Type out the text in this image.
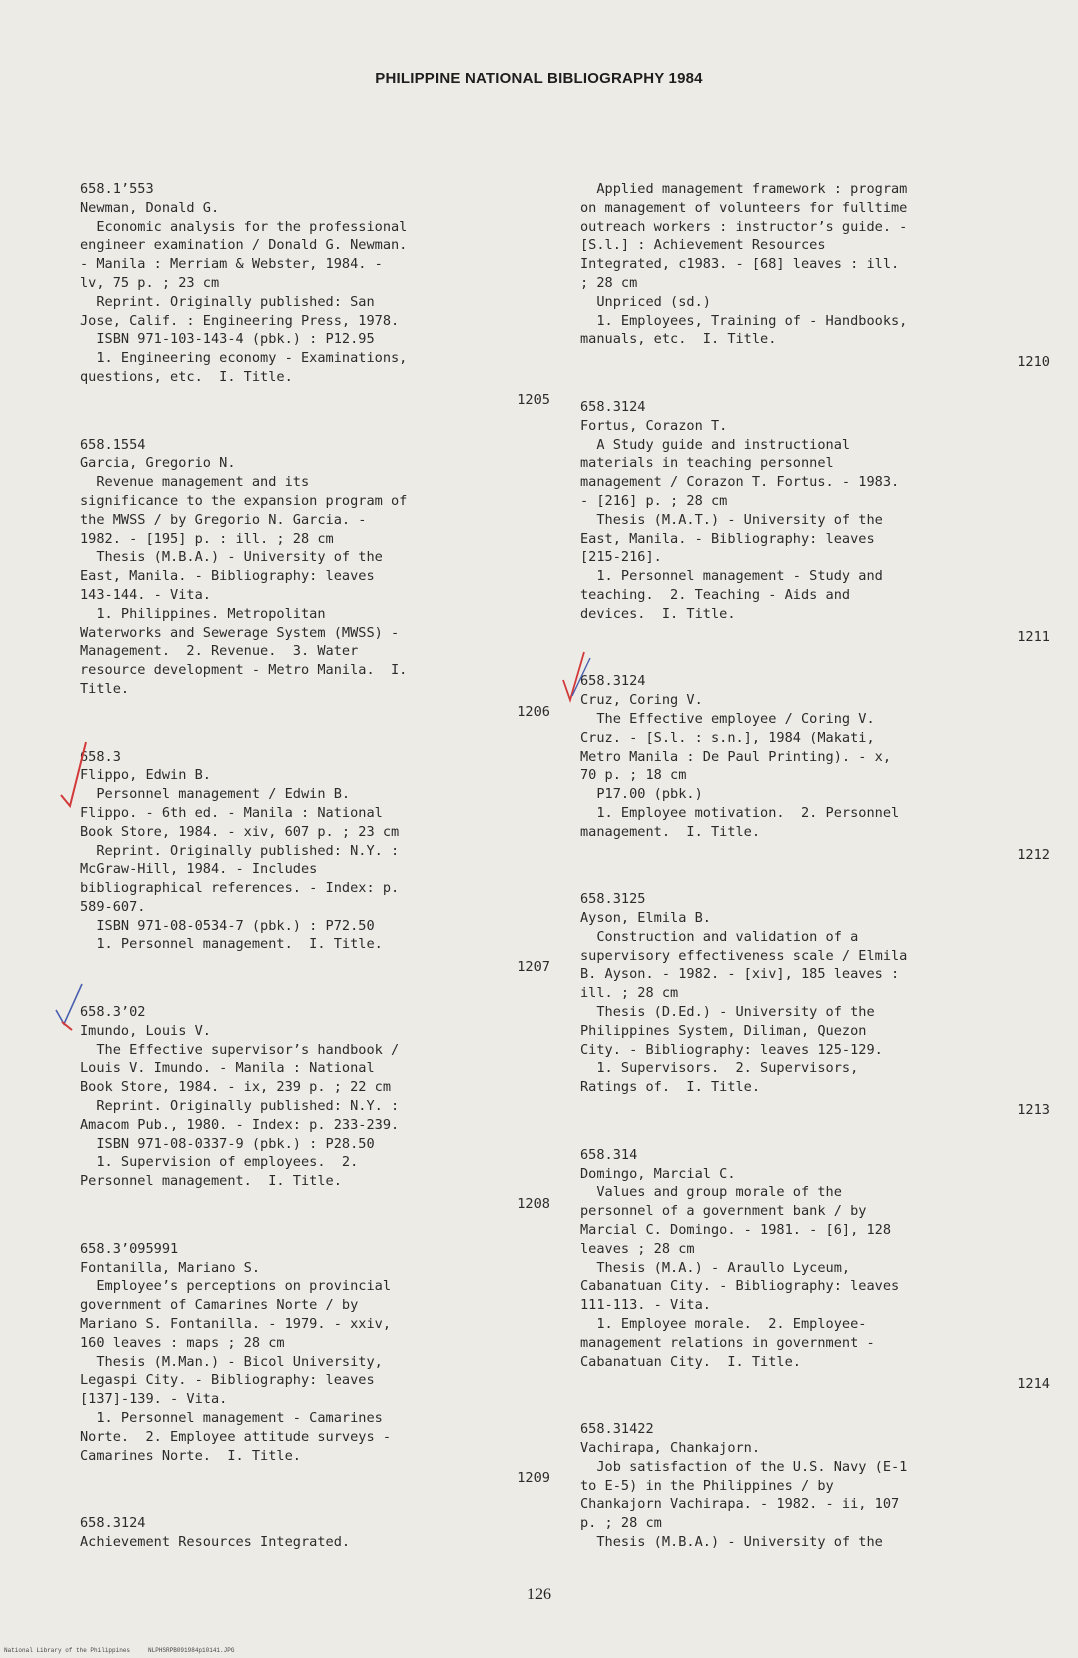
PHILIPPINE NATIONAL BIBLIOGRAPHY 1984
658.1’553
Newman, Donald G.
Economic analysis for the professional
engineer examination / Donald G. Newman.
- Manila : Merriam & Webster, 1984. -
lv, 75 p. ; 23 cm
Reprint. Originally published: San
Jose, Calif. : Engineering Press, 1978.
ISBN 971-103-143-4 (pbk.) : P12.95
1. Engineering economy - Examinations,
questions, etc.  I. Title.
1205
658.1554
Garcia, Gregorio N.
Revenue management and its
significance to the expansion program of
the MWSS / by Gregorio N. Garcia. -
1982. - [195] p. : ill. ; 28 cm
Thesis (M.B.A.) - University of the
East, Manila. - Bibliography: leaves
143-144. - Vita.
1. Philippines. Metropolitan
Waterworks and Sewerage System (MWSS) -
Management.  2. Revenue.  3. Water
resource development - Metro Manila.  I.
Title.
1206
658.3
Flippo, Edwin B.
Personnel management / Edwin B.
Flippo. - 6th ed. - Manila : National
Book Store, 1984. - xiv, 607 p. ; 23 cm
Reprint. Originally published: N.Y. :
McGraw-Hill, 1984. - Includes
bibliographical references. - Index: p.
589-607.
ISBN 971-08-0534-7 (pbk.) : P72.50
1. Personnel management.  I. Title.
1207
658.3’02
Imundo, Louis V.
The Effective supervisor’s handbook /
Louis V. Imundo. - Manila : National
Book Store, 1984. - ix, 239 p. ; 22 cm
Reprint. Originally published: N.Y. :
Amacom Pub., 1980. - Index: p. 233-239.
ISBN 971-08-0337-9 (pbk.) : P28.50
1. Supervision of employees.  2.
Personnel management.  I. Title.
1208
658.3’095991
Fontanilla, Mariano S.
Employee’s perceptions on provincial
government of Camarines Norte / by
Mariano S. Fontanilla. - 1979. - xxiv,
160 leaves : maps ; 28 cm
Thesis (M.Man.) - Bicol University,
Legaspi City. - Bibliography: leaves
[137]-139. - Vita.
1. Personnel management - Camarines
Norte.  2. Employee attitude surveys -
Camarines Norte.  I. Title.
1209
658.3124
Achievement Resources Integrated.
Applied management framework : program
on management of volunteers for fulltime
outreach workers : instructor’s guide. -
[S.l.] : Achievement Resources
Integrated, c1983. - [68] leaves : ill.
; 28 cm
Unpriced (sd.)
1. Employees, Training of - Handbooks,
manuals, etc.  I. Title.
1210
658.3124
Fortus, Corazon T.
A Study guide and instructional
materials in teaching personnel
management / Corazon T. Fortus. - 1983.
- [216] p. ; 28 cm
Thesis (M.A.T.) - University of the
East, Manila. - Bibliography: leaves
[215-216].
1. Personnel management - Study and
teaching.  2. Teaching - Aids and
devices.  I. Title.
1211
658.3124
Cruz, Coring V.
The Effective employee / Coring V.
Cruz. - [S.l. : s.n.], 1984 (Makati,
Metro Manila : De Paul Printing). - x,
70 p. ; 18 cm
P17.00 (pbk.)
1. Employee motivation.  2. Personnel
management.  I. Title.
1212
658.3125
Ayson, Elmila B.
Construction and validation of a
supervisory effectiveness scale / Elmila
B. Ayson. - 1982. - [xiv], 185 leaves :
ill. ; 28 cm
Thesis (D.Ed.) - University of the
Philippines System, Diliman, Quezon
City. - Bibliography: leaves 125-129.
1. Supervisors.  2. Supervisors,
Ratings of.  I. Title.
1213
658.314
Domingo, Marcial C.
Values and group morale of the
personnel of a government bank / by
Marcial C. Domingo. - 1981. - [6], 128
leaves ; 28 cm
Thesis (M.A.) - Araullo Lyceum,
Cabanatuan City. - Bibliography: leaves
111-113. - Vita.
1. Employee morale.  2. Employee-
management relations in government -
Cabanatuan City.  I. Title.
1214
658.31422
Vachirapa, Chankajorn.
Job satisfaction of the U.S. Navy (E-1
to E-5) in the Philippines / by
Chankajorn Vachirapa. - 1982. - ii, 107
p. ; 28 cm
Thesis (M.B.A.) - University of the
126
National Library of the Philippines     NLPHSRPB091984p10141.JPG
